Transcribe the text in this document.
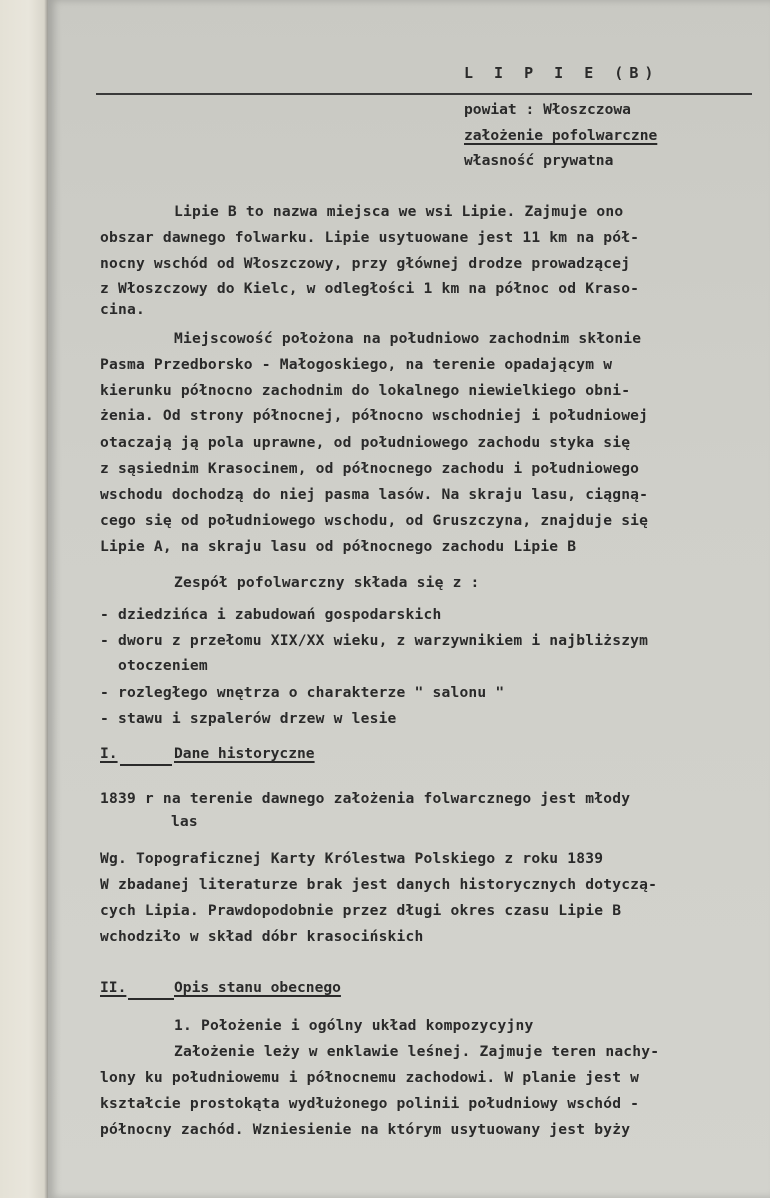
L I P I E (B)
powiat : Włoszczowa
założenie pofolwarczne
własność prywatna
Lipie B to nazwa miejsca we wsi Lipie. Zajmuje ono
obszar dawnego folwarku. Lipie usytuowane jest 11 km na pół-
nocny wschód od Włoszczowy, przy głównej drodze prowadzącej
z Włoszczowy do Kielc, w odległości 1 km na północ od Kraso-
cina.
Miejscowość położona na południowo zachodnim skłonie
Pasma Przedborsko - Małogoskiego, na terenie opadającym w
kierunku północno zachodnim do lokalnego niewielkiego obni-
żenia. Od strony północnej, północno wschodniej i południowej
otaczają ją pola uprawne, od południowego zachodu styka się
z sąsiednim Krasocinem, od północnego zachodu i południowego
wschodu dochodzą do niej pasma lasów. Na skraju lasu, ciągną-
cego się od południowego wschodu, od Gruszczyna, znajduje się
Lipie A, na skraju lasu od północnego zachodu Lipie B
Zespół pofolwarczny składa się z :
- dziedzińca i zabudowań gospodarskich
- dworu z przełomu XIX/XX wieku, z warzywnikiem i najbliższym
otoczeniem
- rozległego wnętrza o charakterze " salonu "
- stawu i szpalerów drzew w lesie
I.	Dane historyczne
1839 r na terenie dawnego założenia folwarcznego jest młody
las
Wg. Topograficznej Karty Królestwa Polskiego z roku 1839
W zbadanej literaturze brak jest danych historycznych dotyczą-
cych Lipia. Prawdopodobnie przez długi okres czasu Lipie B
wchodziło w skład dóbr krasocińskich
II.	Opis stanu obecnego
1. Położenie i ogólny układ kompozycyjny
Założenie leży w enklawie leśnej. Zajmuje teren nachy-
lony ku południowemu i północnemu zachodowi. W planie jest w
kształcie prostokąta wydłużonego polinii południowy wschód -
północny zachód. Wzniesienie na którym usytuowany jest byży
